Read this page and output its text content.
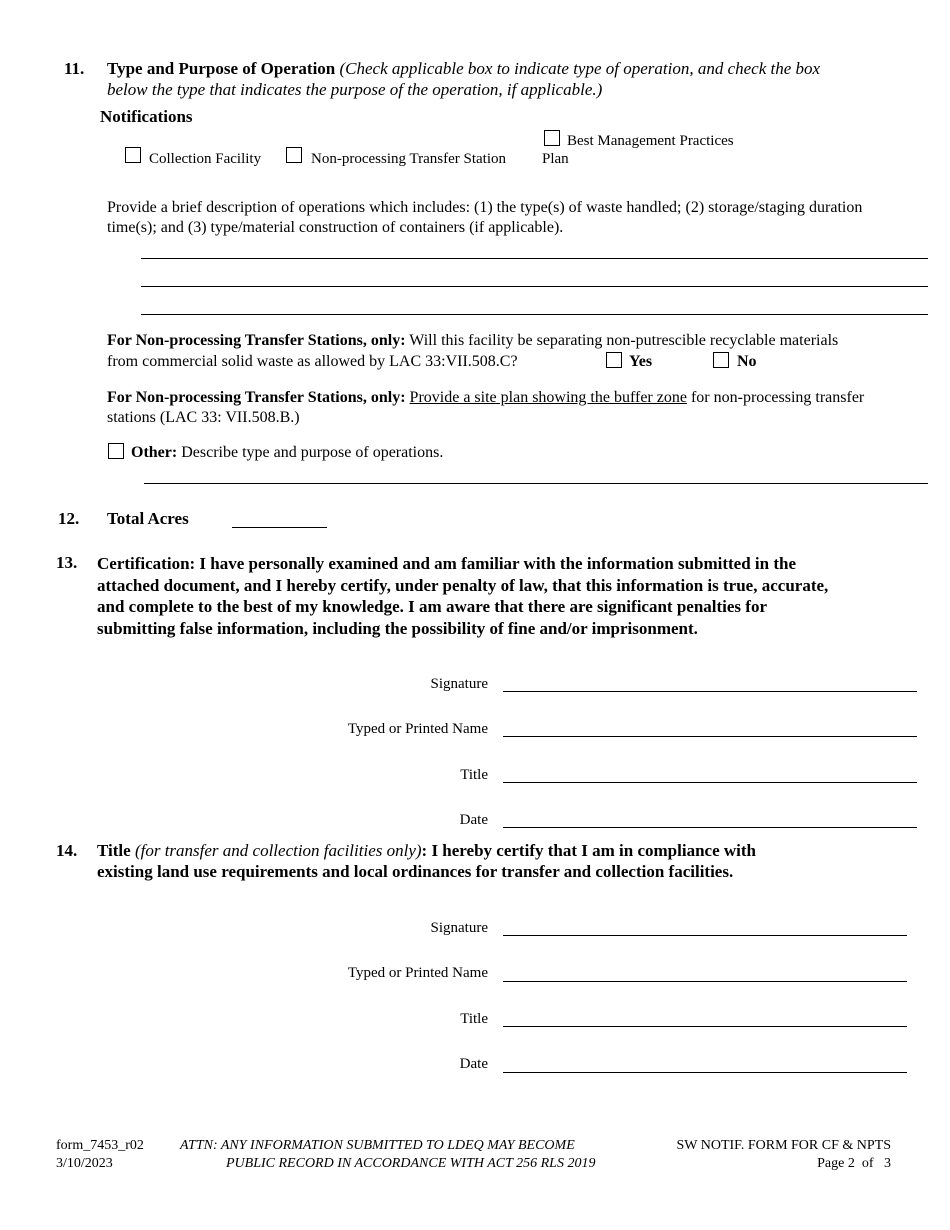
11. Type and Purpose of Operation (Check applicable box to indicate type of operation, and check the box
below the type that indicates the purpose of the operation, if applicable.)
Notifications
Collection Facility	Non-processing Transfer Station
Best Management Practices
Plan
Provide a brief description of operations which includes: (1) the type(s) of waste handled; (2) storage/staging duration
time(s); and (3) type/material construction of containers (if applicable).
For Non-processing Transfer Stations, only: Will this facility be separating non-putrescible recyclable materials
from commercial solid waste as allowed by LAC 33:VII.508.C?	Yes	No
For Non-processing Transfer Stations, only: Provide a site plan showing the buffer zone for non-processing transfer
stations (LAC 33: VII.508.B.)
Other: Describe type and purpose of operations.
12. Total Acres
13. Certification: I have personally examined and am familiar with the information submitted in the
attached document, and I hereby certify, under penalty of law, that this information is true, accurate,
and complete to the best of my knowledge. I am aware that there are significant penalties for
submitting false information, including the possibility of fine and/or imprisonment.
Signature
Typed or Printed Name
Title
Date
14. Title (for transfer and collection facilities only): I hereby certify that I am in compliance with
existing land use requirements and local ordinances for transfer and collection facilities.
Signature
Typed or Printed Name
Title
Date
form_7453_r02
3/10/2023
ATTN: ANY INFORMATION SUBMITTED TO LDEQ MAY BECOME
PUBLIC RECORD IN ACCORDANCE WITH ACT 256 RLS 2019
SW NOTIF. FORM FOR CF & NPTS
Page 2  of   3
